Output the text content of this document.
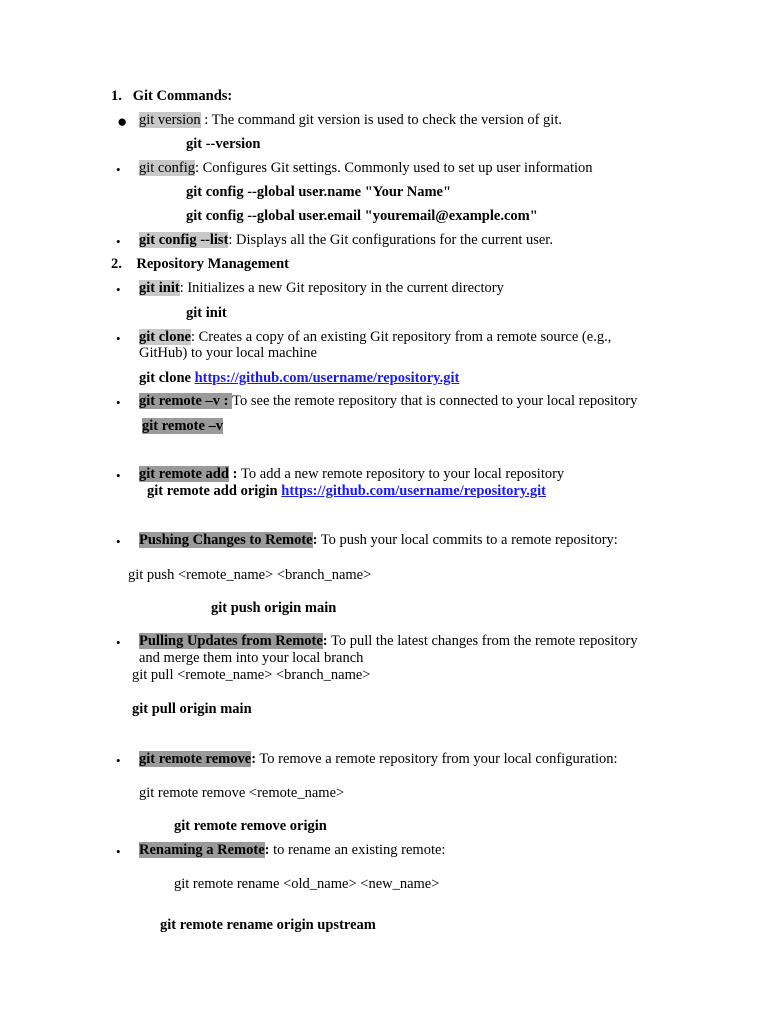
1. Git Commands:
● git version : The command git version is used to check the version of git.
git --version
• git config: Configures Git settings. Commonly used to set up user information
git config --global user.name "Your Name"
git config --global user.email "youremail@example.com"
• git config --list: Displays all the Git configurations for the current user.
2. Repository Management
• git init: Initializes a new Git repository in the current directory
git init
• git clone: Creates a copy of an existing Git repository from a remote source (e.g.,
GitHub) to your local machine
git clone https://github.com/username/repository.git
• git remote –v : To see the remote repository that is connected to your local repository
git remote –v
• git remote add : To add a new remote repository to your local repository
git remote add origin https://github.com/username/repository.git
• Pushing Changes to Remote: To push your local commits to a remote repository:
git push <remote_name> <branch_name>
git push origin main
• Pulling Updates from Remote: To pull the latest changes from the remote repository
and merge them into your local branch
git pull <remote_name> <branch_name>
git pull origin main
• git remote remove: To remove a remote repository from your local configuration:
git remote remove <remote_name>
git remote remove origin
• Renaming a Remote: to rename an existing remote:
git remote rename <old_name> <new_name>
git remote rename origin upstream
